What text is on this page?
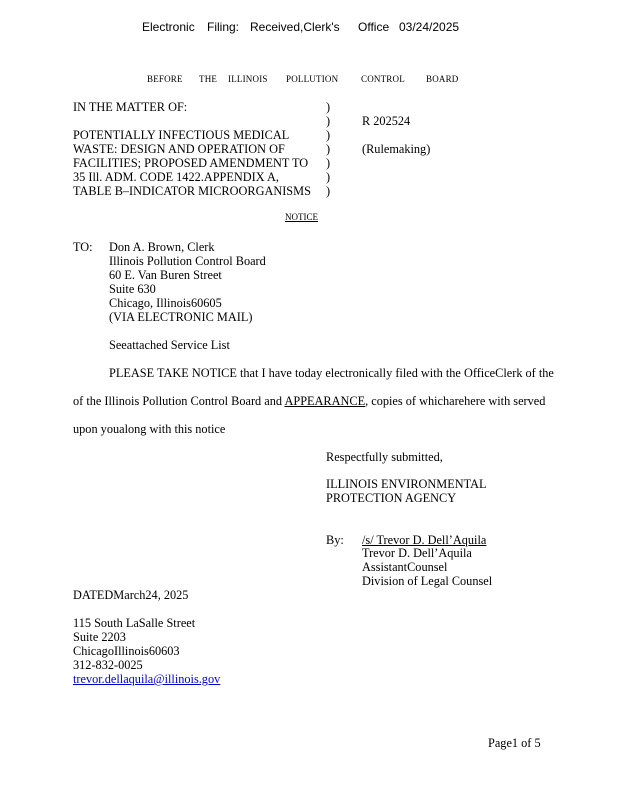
Electronic Filing: Received,Clerk's Office 03/24/2025
BEFORE THE ILLINOIS POLLUTION	CONTROL BOARD
IN THE MATTER OF:
POTENTIALLY INFECTIOUS MEDICAL
WASTE: DESIGN AND OPERATION OF
FACILITIES; PROPOSED AMENDMENT TO
35 Ill. ADM. CODE 1422.APPENDIX A,
TABLE B–INDICATOR MICROORGANISMS
)
)
)
)
)
)
)
R 202524
(Rulemaking)
NOTICE
TO: Don A. Brown, Clerk
Illinois Pollution Control Board
60 E. Van Buren Street
Suite 630
Chicago, Illinois60605
(VIA ELECTRONIC MAIL)
Seeattached Service List
PLEASE TAKE NOTICE that I have today electronically filed with the OfficeClerk of the
of the Illinois Pollution Control Board and APPEARANCE, copies of whicharehere with served
upon youalong with this notice
Respectfully submitted,
ILLINOIS ENVIRONMENTAL
PROTECTION AGENCY
By: /s/ Trevor D. Dell’Aquila
Trevor D. Dell’Aquila
AssistantCounsel
Division of Legal Counsel
DATEDMarch24, 2025
115 South LaSalle Street
Suite 2203
ChicagoIllinois60603
312-832-0025
trevor.dellaquila@illinois.gov
Page1 of 5
